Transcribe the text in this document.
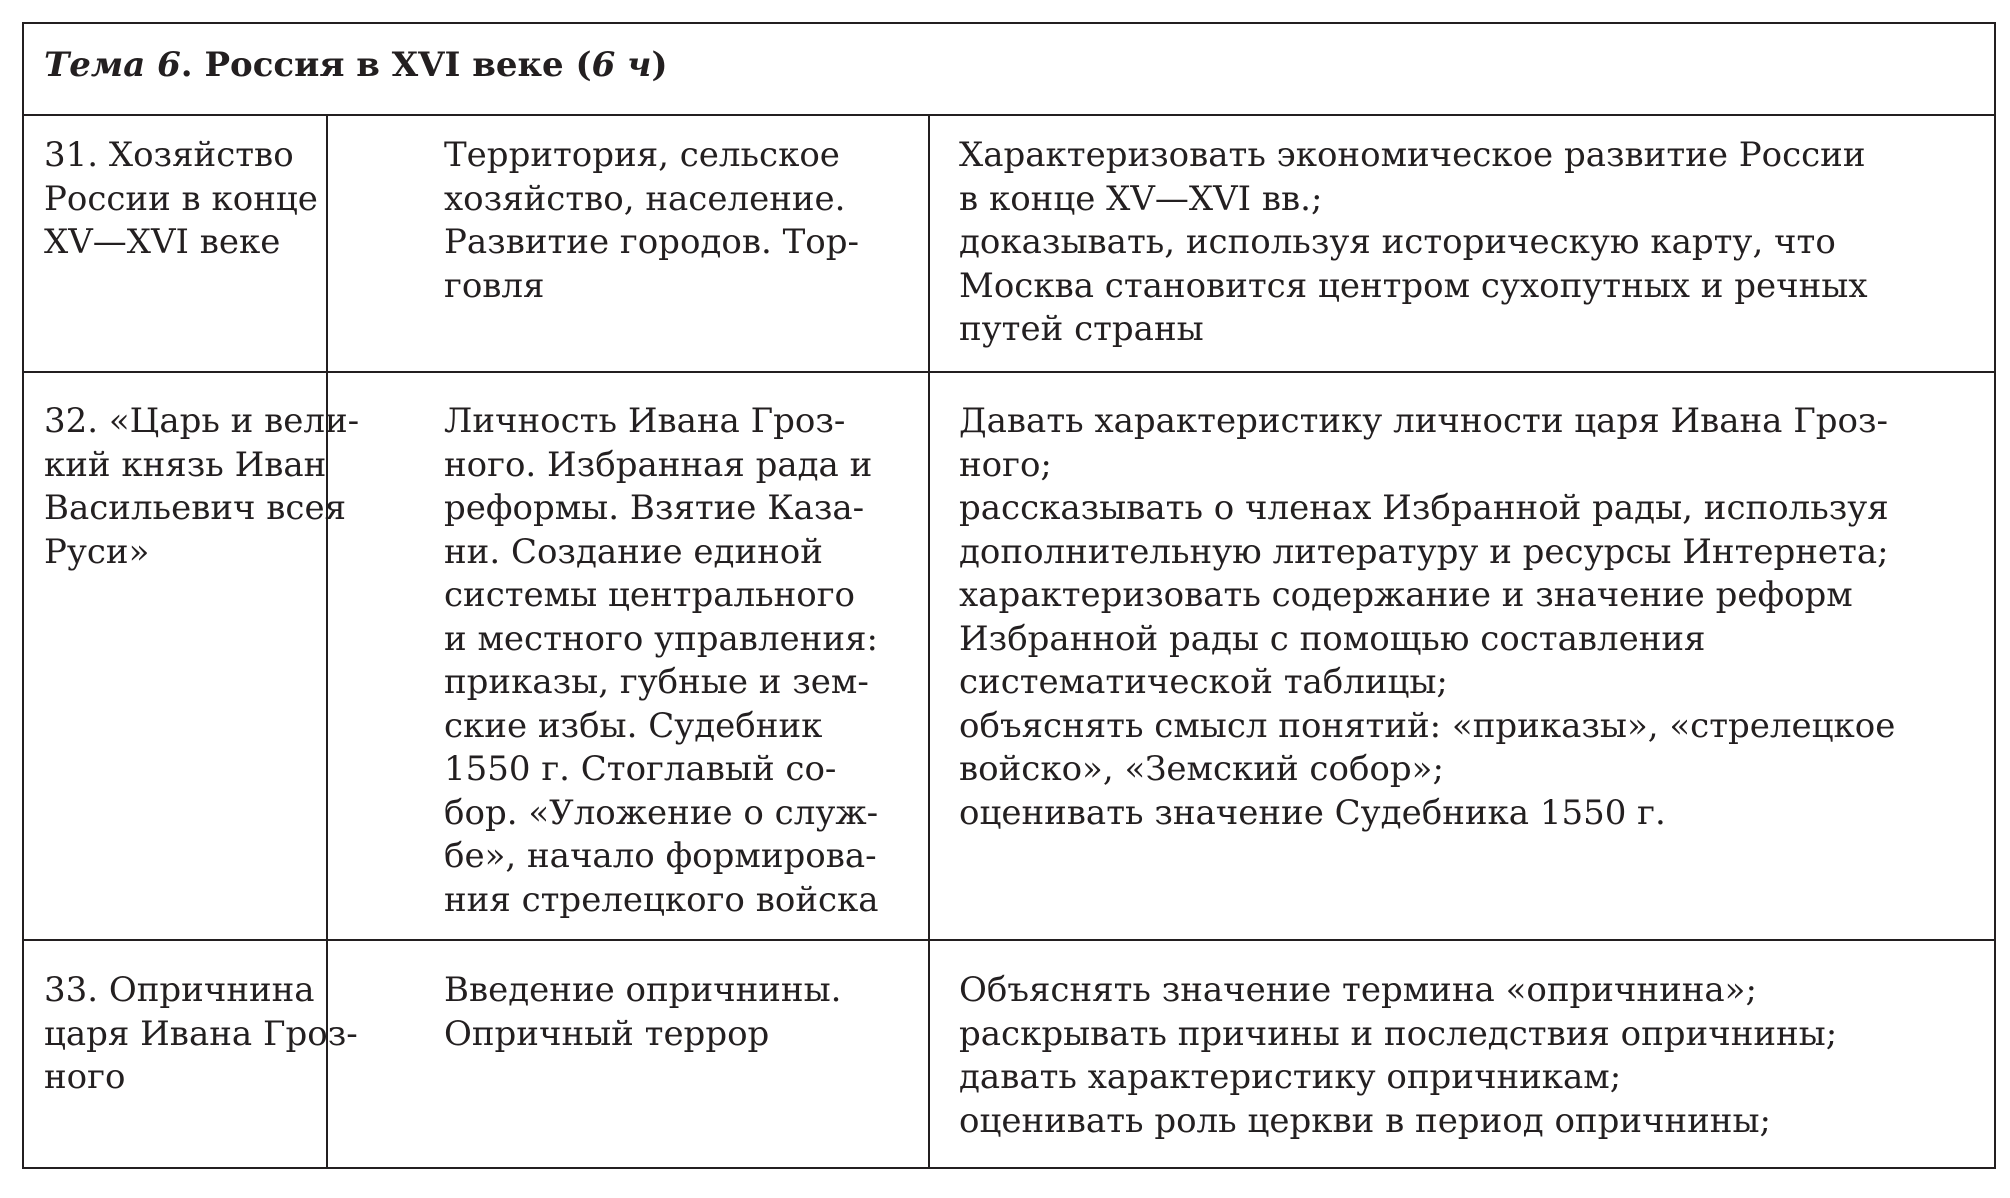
Тема 6. Россия в XVI веке (6 ч)
31. Хозяйство
России в конце
XV—XVI веке
Территория, сельское
хозяйство, население.
Развитие городов. Тор-
говля
Характеризовать экономическое развитие России
в конце XV—XVI вв.;
доказывать, используя историческую карту, что
Москва становится центром сухопутных и речных
путей страны
32. «Царь и вели-
кий князь Иван
Васильевич всея
Руси»
Личность Ивана Гроз-
ного. Избранная рада и
реформы. Взятие Каза-
ни. Создание единой
системы центрального
и местного управления:
приказы, губные и зем-
ские избы. Судебник
1550 г. Стоглавый со-
бор. «Уложение о служ-
бе», начало формирова-
ния стрелецкого войска
Давать характеристику личности царя Ивана Гроз-
ного;
рассказывать о членах Избранной рады, используя
дополнительную литературу и ресурсы Интернета;
характеризовать содержание и значение реформ
Избранной рады с помощью составления
систематической таблицы;
объяснять смысл понятий: «приказы», «стрелецкое
войско», «Земский собор»;
оценивать значение Судебника 1550 г.
33. Опричнина
царя Ивана Гроз-
ного
Введение опричнины.
Опричный террор
Объяснять значение термина «опричнина»;
раскрывать причины и последствия опричнины;
давать характеристику опричникам;
оценивать роль церкви в период опричнины;
